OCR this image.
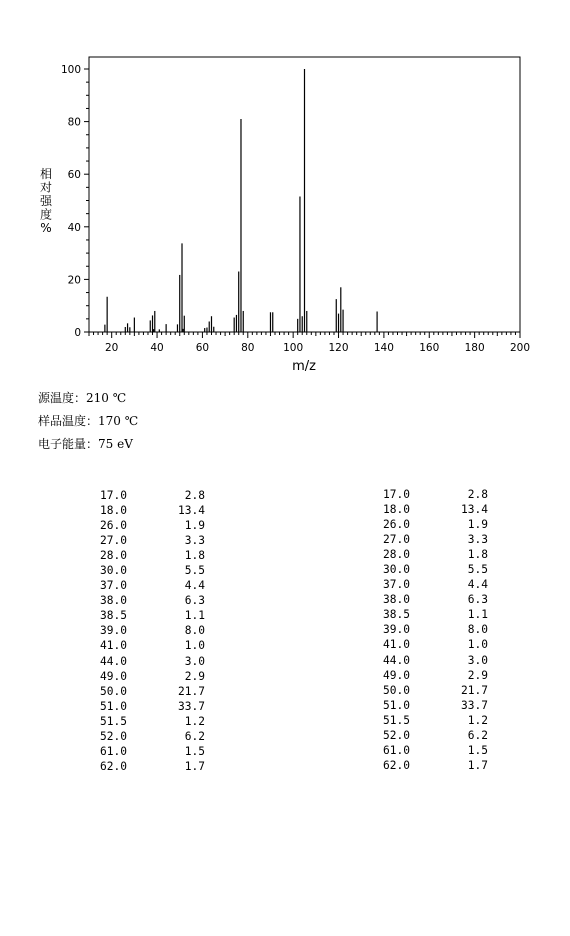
0
20
40
60
80
100
20	40	60	80	100 120 140 160 180 200
m/z
相
对
强
度
%
源温度：210 ℃
样品温度：170 ℃
电子能量：75 eV
17.0	2.8
18.0	13.4
26.0	1.9
27.0	3.3
28.0	1.8
30.0	5.5
37.0	4.4
38.0	6.3
38.5	1.1
39.0	8.0
41.0	1.0
44.0	3.0
49.0	2.9
50.0	21.7
51.0	33.7
51.5	1.2
52.0	6.2
61.0	1.5
62.0	1.7
17.0	2.8
18.0	13.4
26.0	1.9
27.0	3.3
28.0	1.8
30.0	5.5
37.0	4.4
38.0	6.3
38.5	1.1
39.0	8.0
41.0	1.0
44.0	3.0
49.0	2.9
50.0	21.7
51.0	33.7
51.5	1.2
52.0	6.2
61.0	1.5
62.0	1.7
